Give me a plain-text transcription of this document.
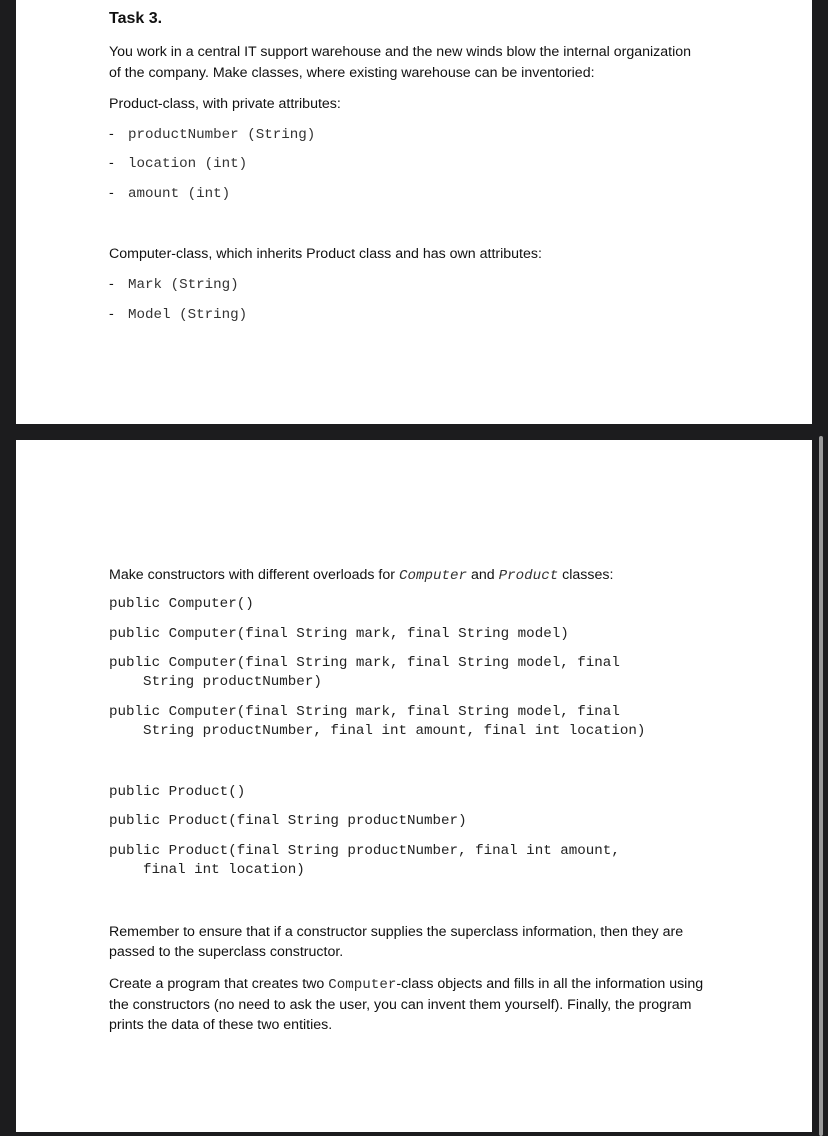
Task 3.
You work in a central IT support warehouse and the new winds blow the internal organization
of the company. Make classes, where existing warehouse can be inventoried:
Product-class, with private attributes:
- productNumber (String)
- location (int)
- amount (int)
Computer-class, which inherits Product class and has own attributes:
- Mark (String)
- Model (String)
Make constructors with different overloads for Computer and Product classes:
public Computer()
public Computer(final String mark, final String model)
public Computer(final String mark, final String model, final
String productNumber)
public Computer(final String mark, final String model, final
String productNumber, final int amount, final int location)
public Product()
public Product(final String productNumber)
public Product(final String productNumber, final int amount,
final int location)
Remember to ensure that if a constructor supplies the superclass information, then they are
passed to the superclass constructor.
Create a program that creates two Computer-class objects and fills in all the information using
the constructors (no need to ask the user, you can invent them yourself). Finally, the program
prints the data of these two entities.
